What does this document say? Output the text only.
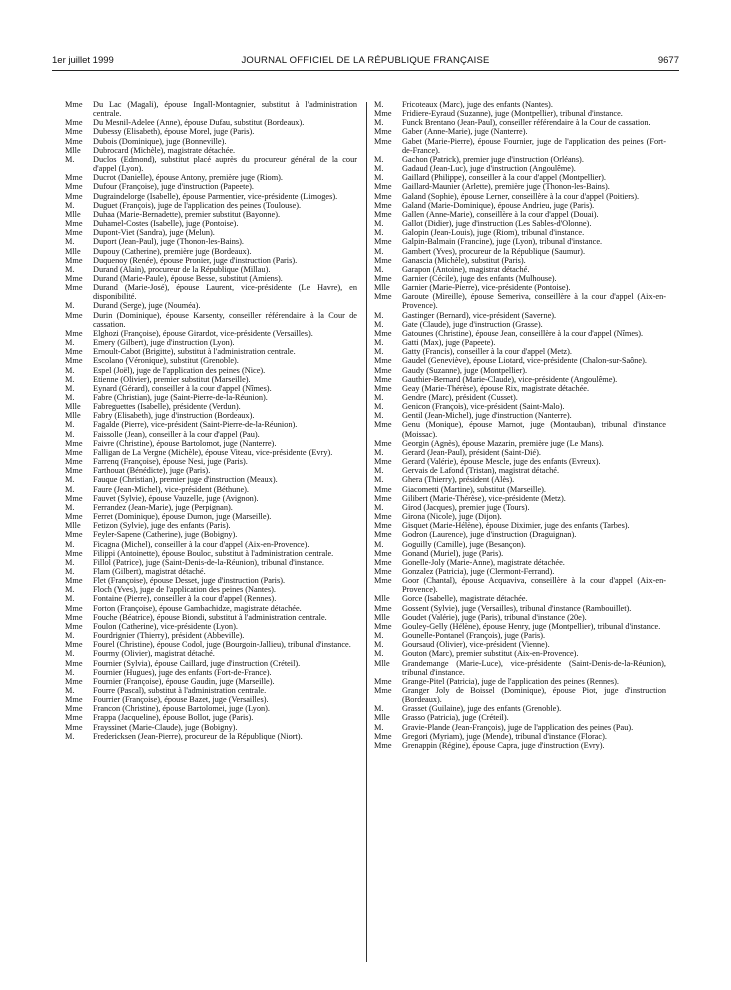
1er juillet 1999	JOURNAL OFFICIEL DE LA RÉPUBLIQUE FRANÇAISE	9677

Mme Du Lac (Magali), épouse Ingall-Montagnier, substitut à l'administration centrale.

Mme Du Mesnil-Adelee (Anne), épouse Dufau, substitut (Bordeaux).

Mme Dubessy (Elisabeth), épouse Morel, juge (Paris).

Mme Dubois (Dominique), juge (Bonneville).

Mlle Dubrocard (Michèle), magistrate détachée.

M. Duclos (Edmond), substitut placé auprès du procureur général de la cour d'appel (Lyon).

Mme Ducrot (Danielle), épouse Antony, première juge (Riom).

Mme Dufour (Françoise), juge d'instruction (Papeete).

Mme Dugraindelorge (Isabelle), épouse Parmentier, vice-présidente (Limoges).

M. Duguet (François), juge de l'application des peines (Toulouse).

Mlle Duhaa (Marie-Bernadette), premier substitut (Bayonne).

Mme Duhamel-Costes (Isabelle), juge (Pontoise).

Mme Dupont-Viet (Sandra), juge (Melun).

M. Duport (Jean-Paul), juge (Thonon-les-Bains).

Mlle Dupouy (Catherine), première juge (Bordeaux).

Mme Duquenoy (Renée), épouse Pronier, juge d'instruction (Paris).

M. Durand (Alain), procureur de la République (Millau).

Mme Durand (Marie-Paule), épouse Besse, substitut (Amiens).

Mme Durand (Marie-José), épouse Laurent, vice-présidente (Le Havre), en disponibilité.

M. Durand (Serge), juge (Nouméa).

Mme Durin (Dominique), épouse Karsenty, conseiller référendaire à la Cour de cassation.

Mme Elghozi (Françoise), épouse Girardot, vice-présidente (Versailles).

M. Emery (Gilbert), juge d'instruction (Lyon).

Mme Ernoult-Cabot (Brigitte), substitut à l'administration centrale.

Mme Escolano (Véronique), substitut (Grenoble).

M. Espel (Joël), juge de l'application des peines (Nice).

M. Etienne (Olivier), premier substitut (Marseille).

M. Eynard (Gérard), conseiller à la cour d'appel (Nîmes).

M. Fabre (Christian), juge (Saint-Pierre-de-la-Réunion).

Mlle Fabreguettes (Isabelle), présidente (Verdun).

Mlle Fabry (Elisabeth), juge d'instruction (Bordeaux).

M. Fagalde (Pierre), vice-président (Saint-Pierre-de-la-Réunion).

M. Faissolle (Jean), conseiller à la cour d'appel (Pau).

Mme Faivre (Christine), épouse Bartolomot, juge (Nanterre).

Mme Falligan de La Vergne (Michèle), épouse Viteau, vice-présidente (Evry).

Mme Farrenq (Françoise), épouse Nesi, juge (Paris).

Mme Farthouat (Bénédicte), juge (Paris).

M. Fauque (Christian), premier juge d'instruction (Meaux).

M. Faure (Jean-Michel), vice-président (Béthune).

Mme Fauvet (Sylvie), épouse Vauzelle, juge (Avignon).

M. Ferrandez (Jean-Marie), juge (Perpignan).

Mme Ferret (Dominique), épouse Dumon, juge (Marseille).

Mlle Fetizon (Sylvie), juge des enfants (Paris).

Mme Feyler-Sapene (Catherine), juge (Bobigny).

M. Ficagna (Michel), conseiller à la cour d'appel (Aix-en-Provence).

Mme Filippi (Antoinette), épouse Bouloc, substitut à l'administration centrale.

M. Fillol (Patrice), juge (Saint-Denis-de-la-Réunion), tribunal d'instance.

M. Flam (Gilbert), magistrat détaché.

Mme Flet (Françoise), épouse Desset, juge d'instruction (Paris).

M. Floch (Yves), juge de l'application des peines (Nantes).

M. Fontaine (Pierre), conseiller à la cour d'appel (Rennes).

Mme Forton (Françoise), épouse Gambachidze, magistrate détachée.

Mme Fouche (Béatrice), épouse Biondi, substitut à l'administration centrale.

Mme Foulon (Catherine), vice-présidente (Lyon).

M. Fourdrignier (Thierry), président (Abbeville).

Mme Fourel (Christine), épouse Codol, juge (Bourgoin-Jallieu), tribunal d'instance.

M. Fourmy (Olivier), magistrat détaché.

Mme Fournier (Sylvia), épouse Caillard, juge d'instruction (Créteil).

M. Fournier (Hugues), juge des enfants (Fort-de-France).

Mme Fournier (Françoise), épouse Gaudin, juge (Marseille).

M. Fourre (Pascal), substitut à l'administration centrale.

Mme Fourrier (Françoise), épouse Bazet, juge (Versailles).

Mme Francon (Christine), épouse Bartolomei, juge (Lyon).

Mme Frappa (Jacqueline), épouse Bollot, juge (Paris).

Mme Frayssinet (Marie-Claude), juge (Bobigny).

M. Fredericksen (Jean-Pierre), procureur de la République (Niort).

M. Fricoteaux (Marc), juge des enfants (Nantes).

Mme Fridiere-Eyraud (Suzanne), juge (Montpellier), tribunal d'instance.

M. Funck Brentano (Jean-Paul), conseiller référendaire à la Cour de cassation.

Mme Gaber (Anne-Marie), juge (Nanterre).

Mme Gabet (Marie-Pierre), épouse Fournier, juge de l'application des peines (Fort-de-France).

M. Gachon (Patrick), premier juge d'instruction (Orléans).

M. Gadaud (Jean-Luc), juge d'instruction (Angoulême).

M. Gaillard (Philippe), conseiller à la cour d'appel (Montpellier).

Mme Gaillard-Maunier (Arlette), première juge (Thonon-les-Bains).

Mme Galand (Sophie), épouse Lerner, conseillère à la cour d'appel (Poitiers).

Mme Galand (Marie-Dominique), épouse Andrieu, juge (Paris).

Mme Gallen (Anne-Marie), conseillère à la cour d'appel (Douai).

M. Gallot (Didier), juge d'instruction (Les Sables-d'Olonne).

M. Galopin (Jean-Louis), juge (Riom), tribunal d'instance.

Mme Galpin-Balmain (Francine), juge (Lyon), tribunal d'instance.

M. Gambert (Yves), procureur de la République (Saumur).

Mme Ganascia (Michèle), substitut (Paris).

M. Garapon (Antoine), magistrat détaché.

Mme Garnier (Cécile), juge des enfants (Mulhouse).

Mlle Garnier (Marie-Pierre), vice-présidente (Pontoise).

Mme Garoute (Mireille), épouse Semeriva, conseillère à la cour d'appel (Aix-en-Provence).

M. Gastinger (Bernard), vice-président (Saverne).

M. Gate (Claude), juge d'instruction (Grasse).

Mme Gatounes (Christine), épouse Jean, conseillère à la cour d'appel (Nîmes).

M. Gatti (Max), juge (Papeete).

M. Gatty (Francis), conseiller à la cour d'appel (Metz).

Mme Gaudel (Geneviève), épouse Liotard, vice-présidente (Chalon-sur-Saône).

Mme Gaudy (Suzanne), juge (Montpellier).

Mme Gauthier-Bernard (Marie-Claude), vice-présidente (Angoulême).

Mme Geay (Marie-Thérèse), épouse Rix, magistrate détachée.

M. Gendre (Marc), président (Cusset).

M. Genicon (François), vice-président (Saint-Malo).

M. Gentil (Jean-Michel), juge d'instruction (Nanterre).

Mme Genu (Monique), épouse Marnot, juge (Montauban), tribunal d'instance (Moissac).

Mme Georgin (Agnès), épouse Mazarin, première juge (Le Mans).

M. Gerard (Jean-Paul), président (Saint-Dié).

Mme Gerard (Valérie), épouse Mescle, juge des enfants (Evreux).

M. Gervais de Lafond (Tristan), magistrat détaché.

M. Ghera (Thierry), président (Alès).

Mme Giacometti (Martine), substitut (Marseille).

Mme Gilibert (Marie-Thérèse), vice-présidente (Metz).

M. Girod (Jacques), premier juge (Tours).

Mme Girona (Nicole), juge (Dijon).

Mme Gisquet (Marie-Hélène), épouse Diximier, juge des enfants (Tarbes).

Mme Godron (Laurence), juge d'instruction (Draguignan).

M. Goguilly (Camille), juge (Besançon).

Mme Gonand (Muriel), juge (Paris).

Mme Gonelle-Joly (Marie-Anne), magistrate détachée.

Mme Gonzalez (Patricia), juge (Clermont-Ferrand).

Mme Goor (Chantal), épouse Acquaviva, conseillère à la cour d'appel (Aix-en-Provence).

Mlle Gorce (Isabelle), magistrate détachée.

Mme Gossent (Sylvie), juge (Versailles), tribunal d'instance (Rambouillet).

Mlle Goudet (Valérie), juge (Paris), tribunal d'instance (20e).

Mme Gouley-Gelly (Hélène), épouse Henry, juge (Montpellier), tribunal d'instance.

M. Gounelle-Pontanel (François), juge (Paris).

M. Goursaud (Olivier), vice-président (Vienne).

M. Gouton (Marc), premier substitut (Aix-en-Provence).

Mlle Grandemange (Marie-Luce), vice-présidente (Saint-Denis-de-la-Réunion), tribunal d'instance.

Mme Grange-Pitel (Patricia), juge de l'application des peines (Rennes).

Mme Granger Joly de Boissel (Dominique), épouse Piot, juge d'instruction (Bordeaux).

M. Grasset (Guilaine), juge des enfants (Grenoble).

Mlle Grasso (Patricia), juge (Créteil).

M. Gravie-Plande (Jean-François), juge de l'application des peines (Pau).

Mme Gregori (Myriam), juge (Mende), tribunal d'instance (Florac).

Mme Grenappin (Régine), épouse Capra, juge d'instruction (Evry).
